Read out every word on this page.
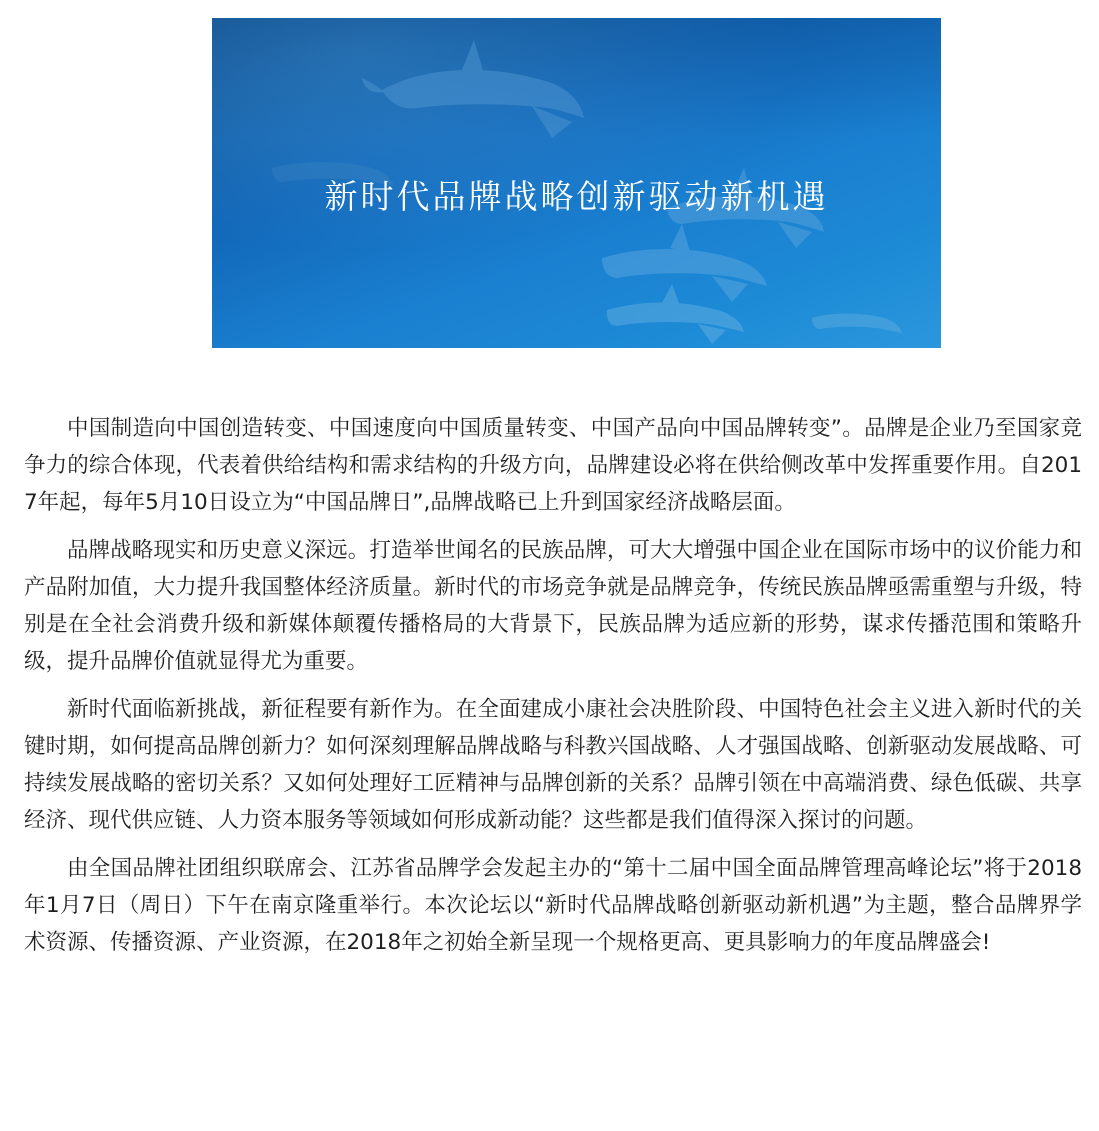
新时代品牌战略创新驱动新机遇

中国制造向中国创造转变、中国速度向中国质量转变、中国产品向中国品牌转变”。品牌是企业乃至国家竞争力的综合体现，代表着供给结构和需求结构的升级方向，品牌建设必将在供给侧改革中发挥重要作用。自2017年起，每年5月10日设立为“中国品牌日”,品牌战略已上升到国家经济战略层面。

品牌战略现实和历史意义深远。打造举世闻名的民族品牌，可大大增强中国企业在国际市场中的议价能力和产品附加值，大力提升我国整体经济质量。新时代的市场竞争就是品牌竞争，传统民族品牌亟需重塑与升级，特别是在全社会消费升级和新媒体颠覆传播格局的大背景下，民族品牌为适应新的形势，谋求传播范围和策略升级，提升品牌价值就显得尤为重要。

新时代面临新挑战，新征程要有新作为。在全面建成小康社会决胜阶段、中国特色社会主义进入新时代的关键时期，如何提高品牌创新力？如何深刻理解品牌战略与科教兴国战略、人才强国战略、创新驱动发展战略、可持续发展战略的密切关系？又如何处理好工匠精神与品牌创新的关系？品牌引领在中高端消费、绿色低碳、共享经济、现代供应链、人力资本服务等领域如何形成新动能？这些都是我们值得深入探讨的问题。

由全国品牌社团组织联席会、江苏省品牌学会发起主办的“第十二届中国全面品牌管理高峰论坛”将于2018年1月7日（周日）下午在南京隆重举行。本次论坛以“新时代品牌战略创新驱动新机遇”为主题，整合品牌界学术资源、传播资源、产业资源，在2018年之初始全新呈现一个规格更高、更具影响力的年度品牌盛会!
